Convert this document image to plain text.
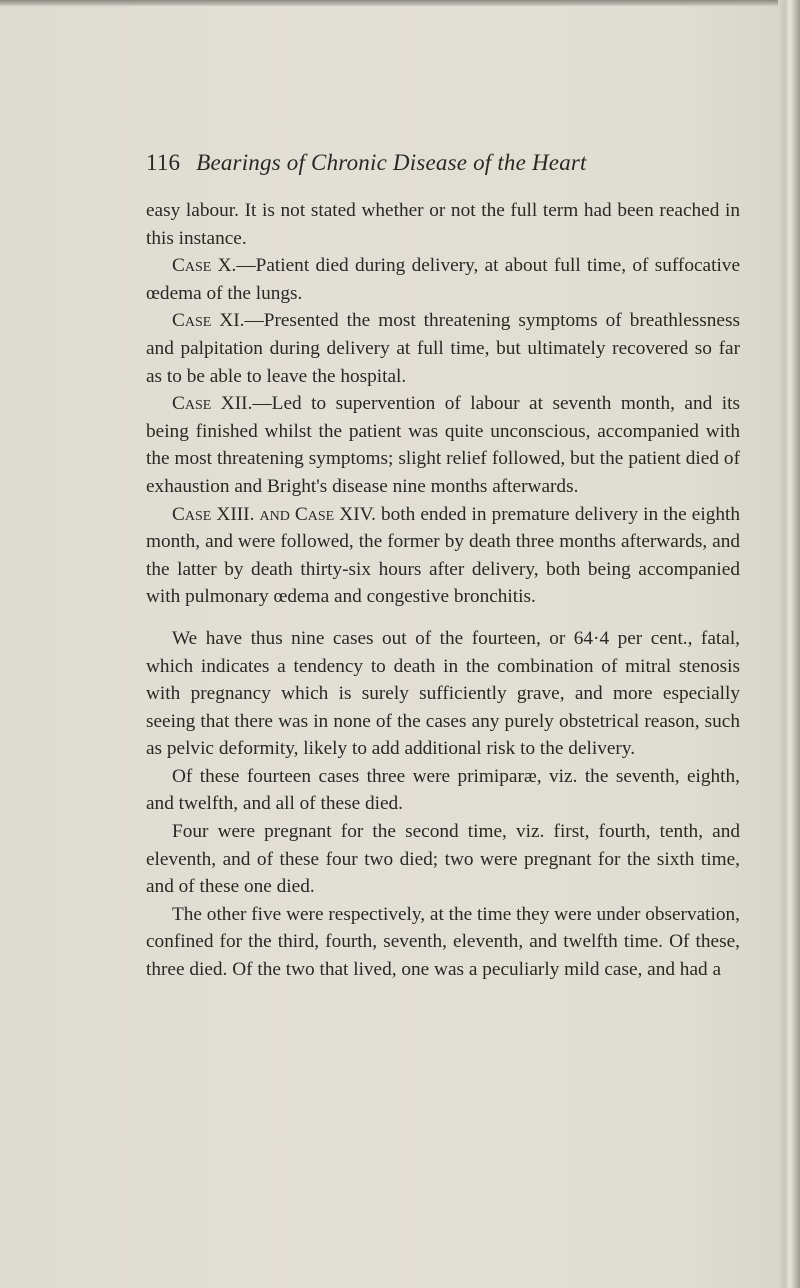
116 Bearings of Chronic Disease of the Heart

easy labour. It is not stated whether or not the full term had been reached in this instance.

Case X.—Patient died during delivery, at about full time, of suffocative œdema of the lungs.

Case XI.—Presented the most threatening symptoms of breathlessness and palpitation during delivery at full time, but ultimately recovered so far as to be able to leave the hospital.

Case XII.—Led to supervention of labour at seventh month, and its being finished whilst the patient was quite unconscious, accompanied with the most threatening symptoms; slight relief followed, but the patient died of exhaustion and Bright's disease nine months afterwards.

Case XIII. and Case XIV. both ended in premature delivery in the eighth month, and were followed, the former by death three months afterwards, and the latter by death thirty-six hours after delivery, both being accompanied with pulmonary œdema and congestive bronchitis.

We have thus nine cases out of the fourteen, or 64·4 per cent., fatal, which indicates a tendency to death in the combination of mitral stenosis with pregnancy which is surely sufficiently grave, and more especially seeing that there was in none of the cases any purely obstetrical reason, such as pelvic deformity, likely to add additional risk to the delivery.

Of these fourteen cases three were primiparæ, viz. the seventh, eighth, and twelfth, and all of these died.

Four were pregnant for the second time, viz. first, fourth, tenth, and eleventh, and of these four two died; two were pregnant for the sixth time, and of these one died.

The other five were respectively, at the time they were under observation, confined for the third, fourth, seventh, eleventh, and twelfth time. Of these, three died. Of the two that lived, one was a peculiarly mild case, and had a
